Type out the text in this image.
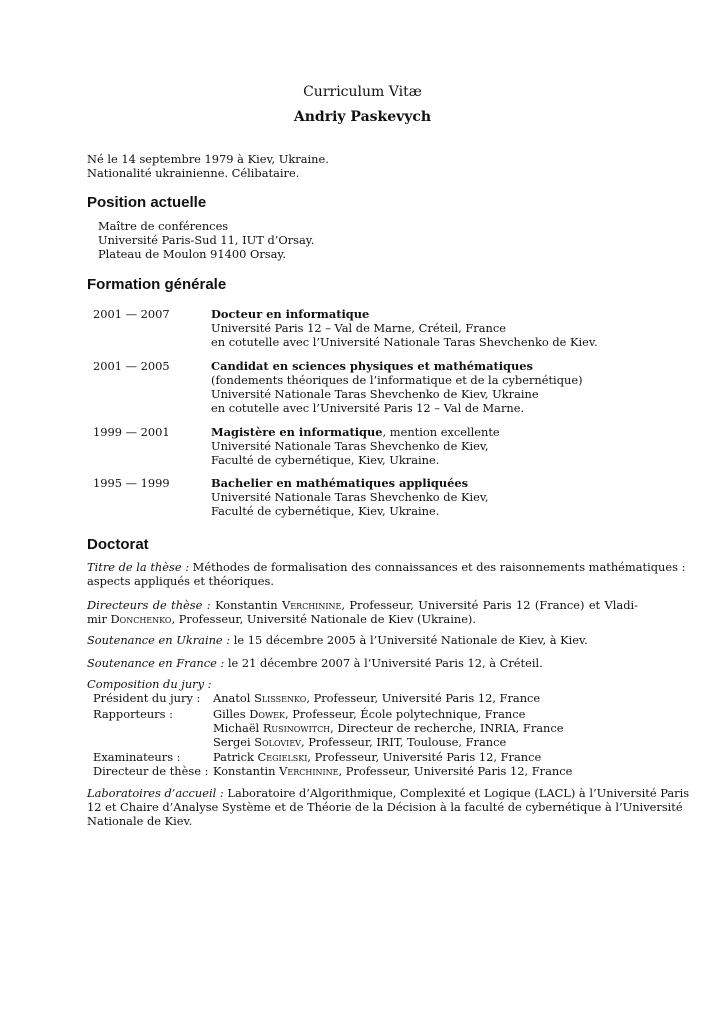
Curriculum Vitæ
Andriy Paskevych
Né le 14 septembre 1979 à Kiev, Ukraine.
Nationalité ukrainienne. Célibataire.
Position actuelle
Maître de conférences
Université Paris-Sud 11, IUT d’Orsay.
Plateau de Moulon 91400 Orsay.
Formation générale
2001 — 2007	Docteur en informatique
Université Paris 12 – Val de Marne, Créteil, France
en cotutelle avec l’Université Nationale Taras Shevchenko de Kiev.
2001 — 2005	Candidat en sciences physiques et mathématiques
(fondements théoriques de l’informatique et de la cybernétique)
Université Nationale Taras Shevchenko de Kiev, Ukraine
en cotutelle avec l’Université Paris 12 – Val de Marne.
1999 — 2001	Magistère en informatique, mention excellente
Université Nationale Taras Shevchenko de Kiev,
Faculté de cybernétique, Kiev, Ukraine.
1995 — 1999	Bachelier en mathématiques appliquées
Université Nationale Taras Shevchenko de Kiev,
Faculté de cybernétique, Kiev, Ukraine.
Doctorat
Titre de la thèse : Méthodes de formalisation des connaissances et des raisonnements mathématiques :
aspects appliqués et théoriques.
Directeurs de thèse : Konstantin Verchinine, Professeur, Université Paris 12 (France) et Vladi-
mir Donchenko, Professeur, Université Nationale de Kiev (Ukraine).
Soutenance en Ukraine : le 15 décembre 2005 à l’Université Nationale de Kiev, à Kiev.
Soutenance en France : le 21 décembre 2007 à l’Université Paris 12, à Créteil.
Composition du jury :
Président du jury : Anatol Slissenko, Professeur, Université Paris 12, France
Rapporteurs :	Gilles Dowek, Professeur, École polytechnique, France
Michaël Rusinowitch, Directeur de recherche, INRIA, France
Sergei Soloviev, Professeur, IRIT, Toulouse, France
Examinateurs :	Patrick Cegielski, Professeur, Université Paris 12, France
Directeur de thèse : Konstantin Verchinine, Professeur, Université Paris 12, France
Laboratoires d’accueil : Laboratoire d’Algorithmique, Complexité et Logique (LACL) à l’Université Paris
12 et Chaire d’Analyse Système et de Théorie de la Décision à la faculté de cybernétique à l’Université
Nationale de Kiev.
